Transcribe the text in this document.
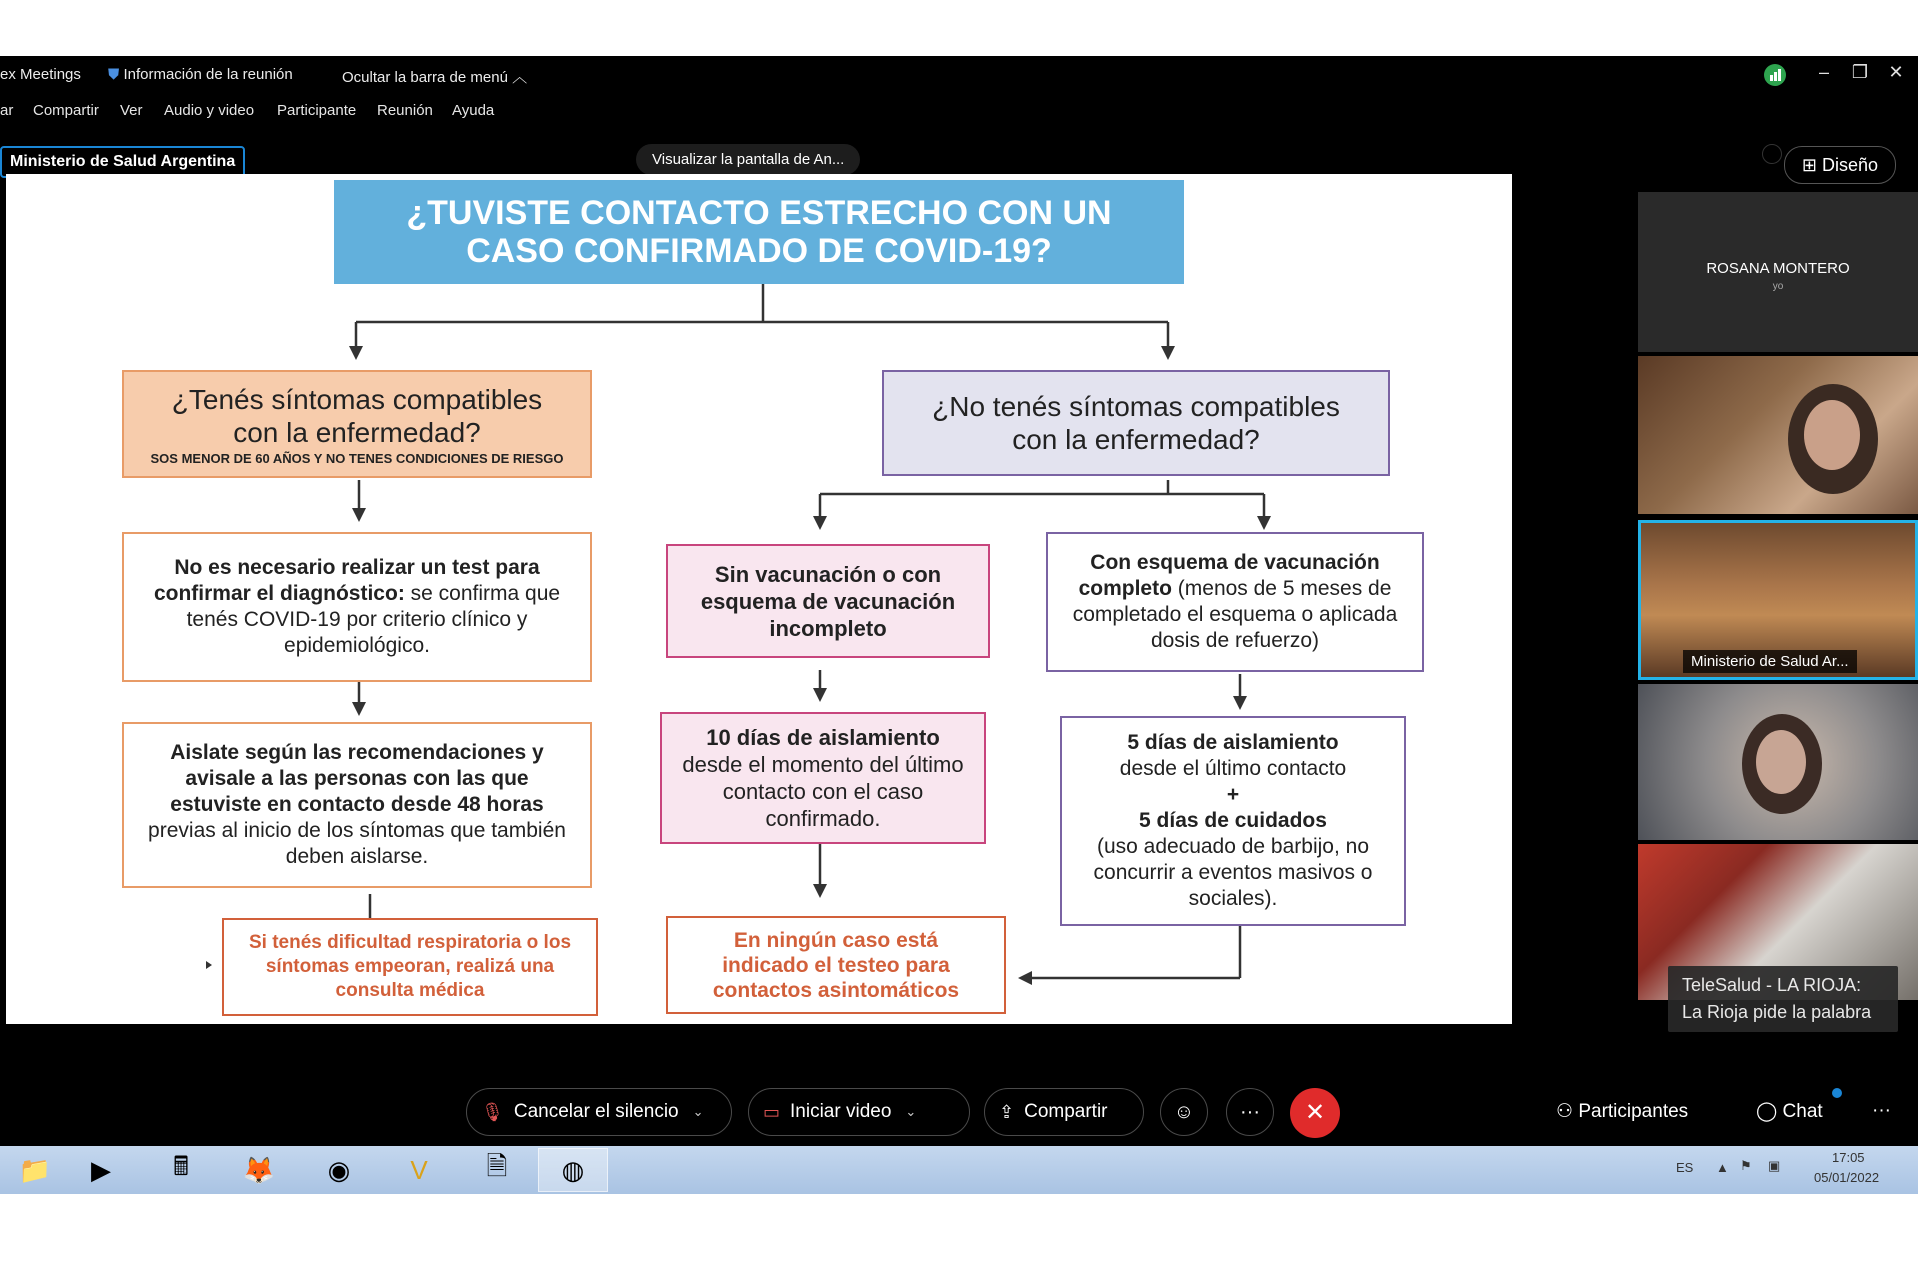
ex Meetings ⛊ Información de la reunión	Ocultar la barra de menú ︿	–	❐ ✕
ar Compartir Ver Audio y video Participante Reunión Ayuda
Ministerio de Salud Argentina	Visualizar la pantalla de An...	⊞ Diseño
¿TUVISTE CONTACTO ESTRECHO CON UN
CASO CONFIRMADO DE COVID-19?
¿Tenés síntomas compatibles
con la enfermedad?
SOS MENOR DE 60 AÑOS Y NO TENES CONDICIONES DE RIESGO
¿No tenés síntomas compatibles
con la enfermedad?
No es necesario realizar un test para confirmar el diagnóstico: se confirma que tenés COVID-19 por criterio clínico y epidemiológico.
Aislate según las recomendaciones y avisale a las personas con las que estuviste en contacto desde 48 horas previas al inicio de los síntomas que también deben aislarse.
Si tenés dificultad respiratoria o los síntomas empeoran, realizá una consulta médica
Sin vacunación o con esquema de vacunación incompleto
10 días de aislamiento
desde el momento del último contacto con el caso confirmado.
En ningún caso está indicado el testeo para contactos asintomáticos
Con esquema de vacunación completo (menos de 5 meses de completado el esquema o aplicada dosis de refuerzo)
5 días de aislamiento
desde el último contacto
+
5 días de cuidados
(uso adecuado de barbijo, no concurrir a eventos masivos o sociales).
ROSANA MONTERO
yo
Ministerio de Salud Ar...
TeleSalud - LA RIOJA: La Rioja pide la palabra
🎙 Cancelar el silencio ⌄	▭ Iniciar video ⌄	⇪ Compartir	☺	···	✕	⚇ Participantes	◯ Chat	···
📁	▶	🖩	🦊	◉	V	🗎	◍	ES ▲ ⚑ ▣
17:05
05/01/2022
